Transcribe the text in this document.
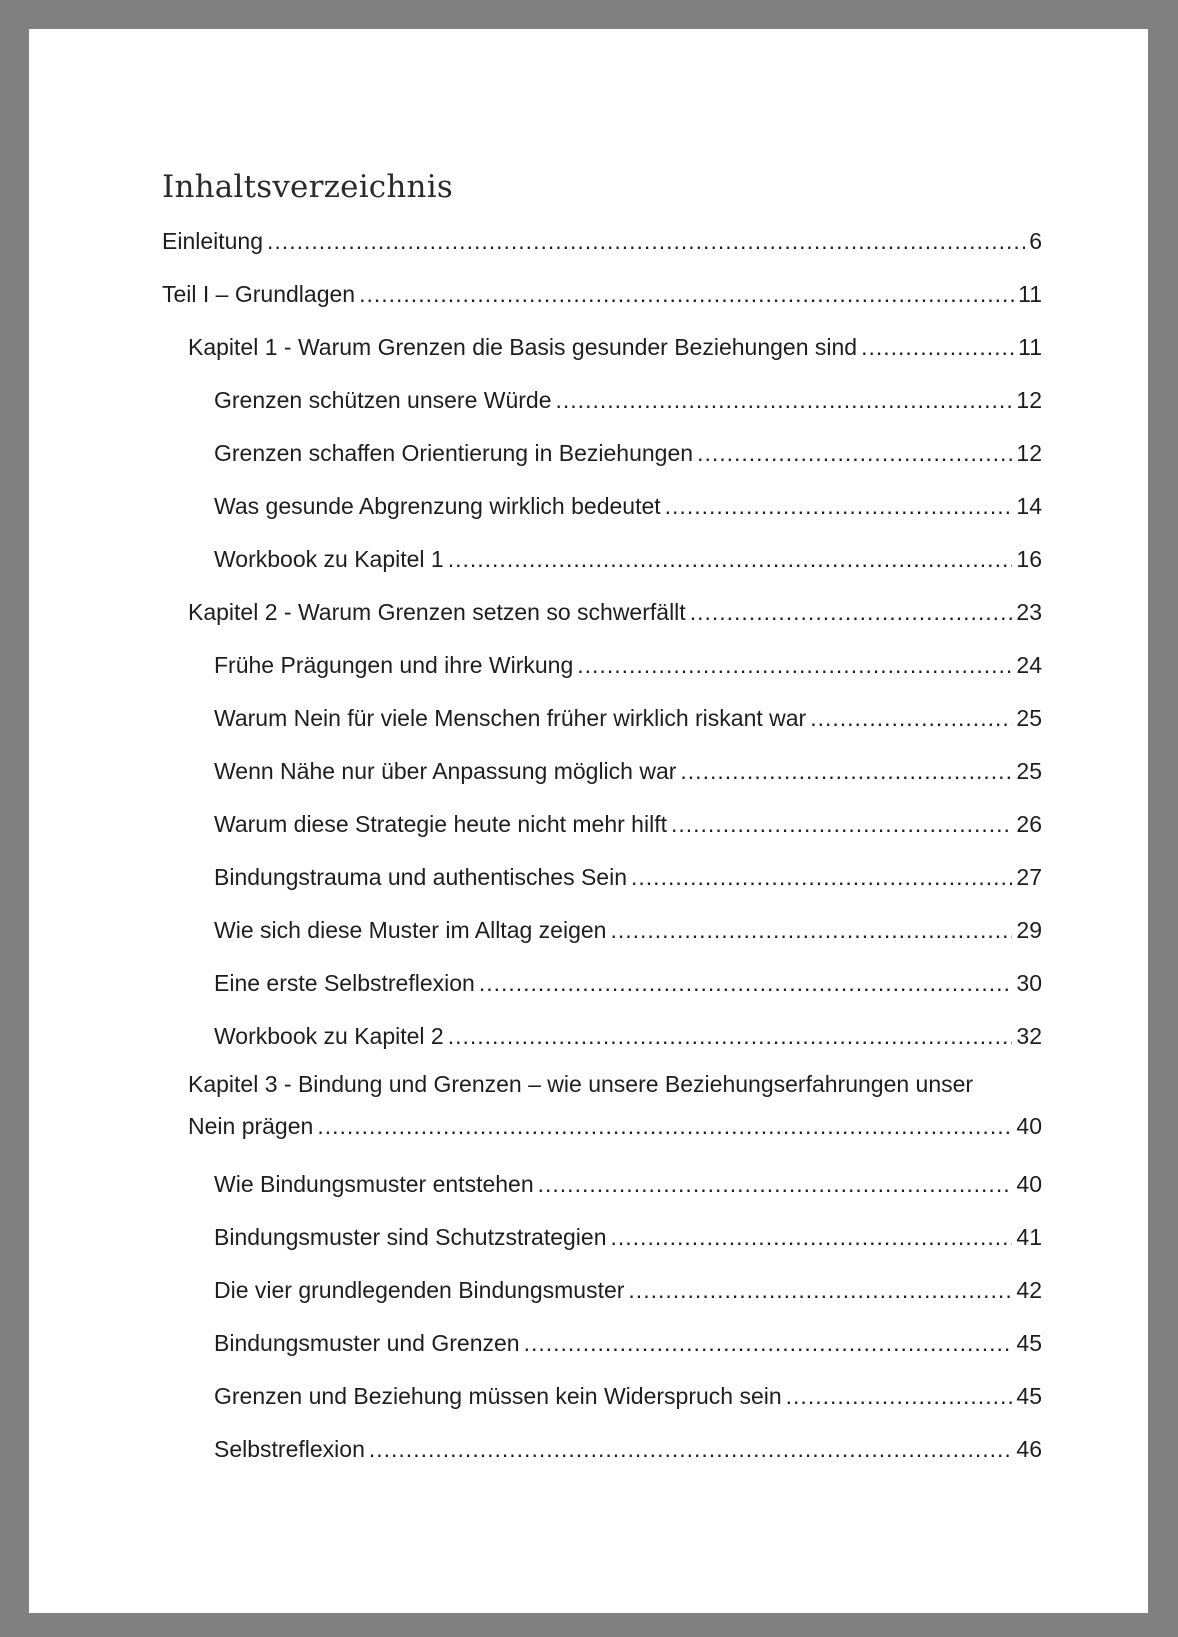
Inhaltsverzeichnis
Einleitung .....	6
Teil I – Grundlagen .....	11
Kapitel 1 - Warum Grenzen die Basis gesunder Beziehungen sind .....	11
Grenzen schützen unsere Würde .....	12
Grenzen schaffen Orientierung in Beziehungen .....	12
Was gesunde Abgrenzung wirklich bedeutet .....	14
Workbook zu Kapitel 1 .....	16
Kapitel 2 - Warum Grenzen setzen so schwerfällt .....	23
Frühe Prägungen und ihre Wirkung .....	24
Warum Nein für viele Menschen früher wirklich riskant war .....	25
Wenn Nähe nur über Anpassung möglich war .....	25
Warum diese Strategie heute nicht mehr hilft .....	26
Bindungstrauma und authentisches Sein .....	27
Wie sich diese Muster im Alltag zeigen .....	29
Eine erste Selbstreflexion .....	30
Workbook zu Kapitel 2 .....	32
Kapitel 3 - Bindung und Grenzen – wie unsere Beziehungserfahrungen unser
Nein prägen .....	40
Wie Bindungsmuster entstehen .....	40
Bindungsmuster sind Schutzstrategien .....	41
Die vier grundlegenden Bindungsmuster .....	42
Bindungsmuster und Grenzen .....	45
Grenzen und Beziehung müssen kein Widerspruch sein .....	45
Selbstreflexion .....	46
